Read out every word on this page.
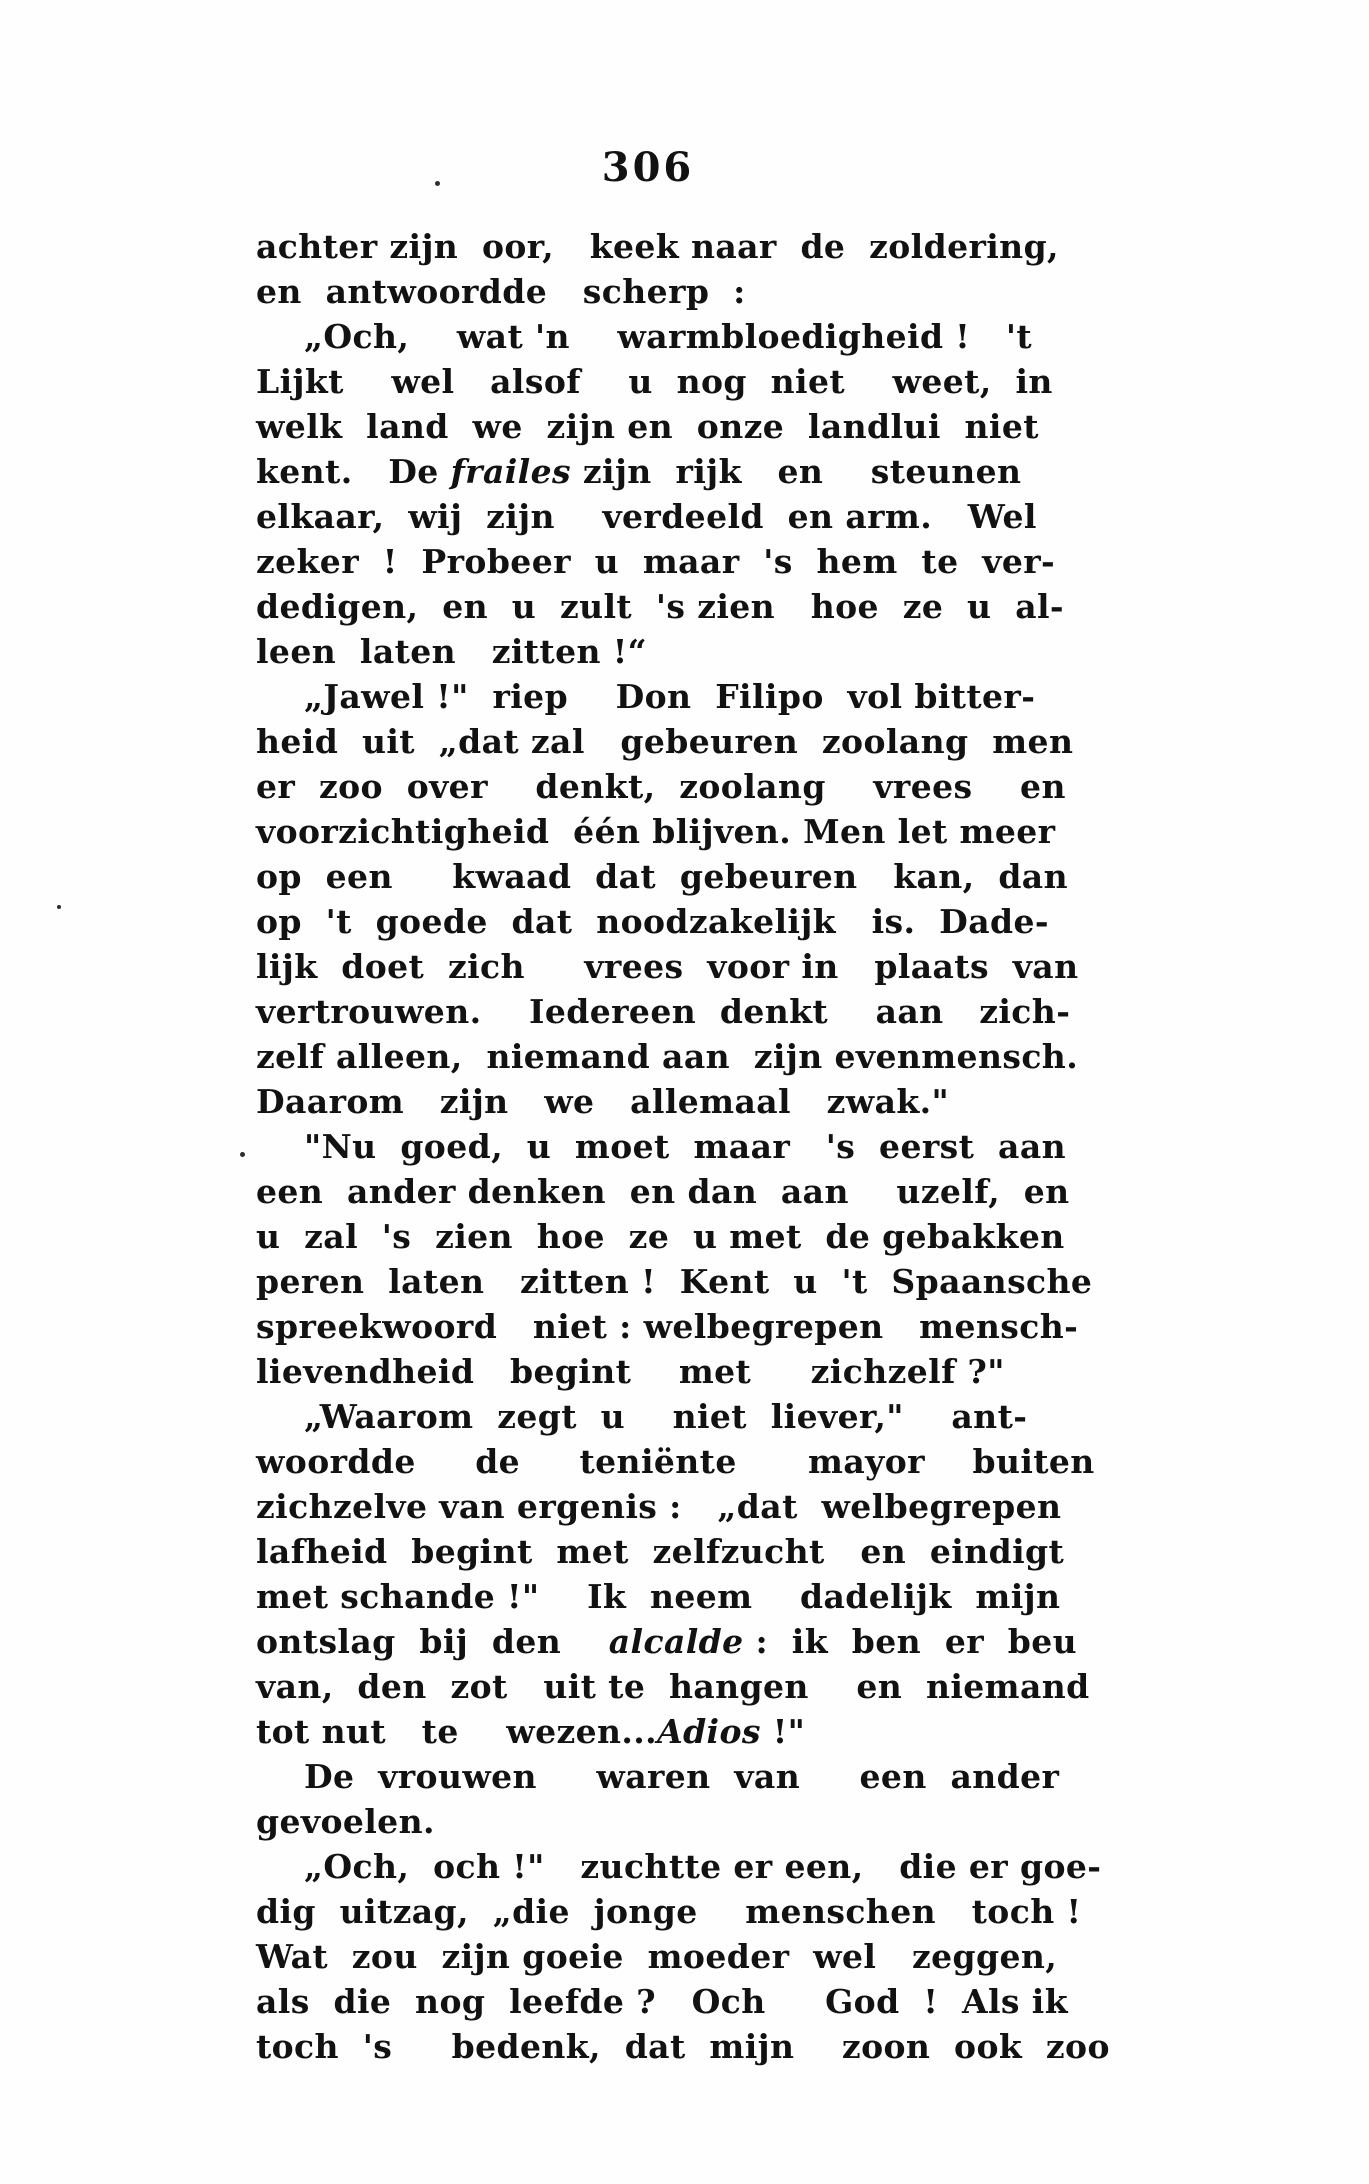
306
achter zijn  oor,   keek naar  de  zoldering,
en  antwoordde   scherp  :
„Och,    wat 'n    warmbloedigheid !   't
Lijkt    wel   alsof    u  nog  niet    weet,  in
welk  land  we  zijn en  onze  landlui  niet
kent.   De frailes zijn  rijk   en    steunen
elkaar,  wij  zijn    verdeeld  en arm.   Wel
zeker  !  Probeer  u  maar  's  hem  te  ver-
dedigen,  en  u  zult  's zien   hoe  ze  u  al-
leen  laten   zitten !“
„Jawel !"  riep    Don  Filipo  vol bitter-
heid  uit  „dat zal   gebeuren  zoolang  men
er  zoo  over    denkt,  zoolang    vrees    en
voorzichtigheid  één blijven. Men let meer
op  een     kwaad  dat  gebeuren   kan,  dan
op  't  goede  dat  noodzakelijk   is.  Dade-
lijk  doet  zich     vrees  voor in   plaats  van
vertrouwen.    Iedereen  denkt    aan   zich-
zelf alleen,  niemand aan  zijn evenmensch.
Daarom   zijn   we   allemaal   zwak."
"Nu  goed,  u  moet  maar   's  eerst  aan
een  ander denken  en dan  aan    uzelf,  en
u  zal  's  zien  hoe  ze  u met  de gebakken
peren  laten   zitten !  Kent  u  't  Spaansche
spreekwoord   niet : welbegrepen   mensch-
lievendheid   begint    met     zichzelf ?"
„Waarom  zegt  u    niet  liever,"    ant-
woordde     de     teniënte      mayor    buiten
zichzelve van ergenis :   „dat  welbegrepen
lafheid  begint  met  zelfzucht   en  eindigt
met schande !"    Ik  neem    dadelijk  mijn
ontslag  bij  den    alcalde :  ik  ben  er  beu
van,  den  zot   uit te  hangen    en  niemand
tot nut   te    wezen...Adios !"
De  vrouwen     waren  van     een  ander
gevoelen.
„Och,  och !"   zuchtte er een,   die er goe-
dig  uitzag,  „die  jonge    menschen   toch !
Wat  zou  zijn goeie  moeder  wel   zeggen,
als  die  nog  leefde ?   Och     God  !  Als ik
toch  's     bedenk,  dat  mijn    zoon  ook  zoo
